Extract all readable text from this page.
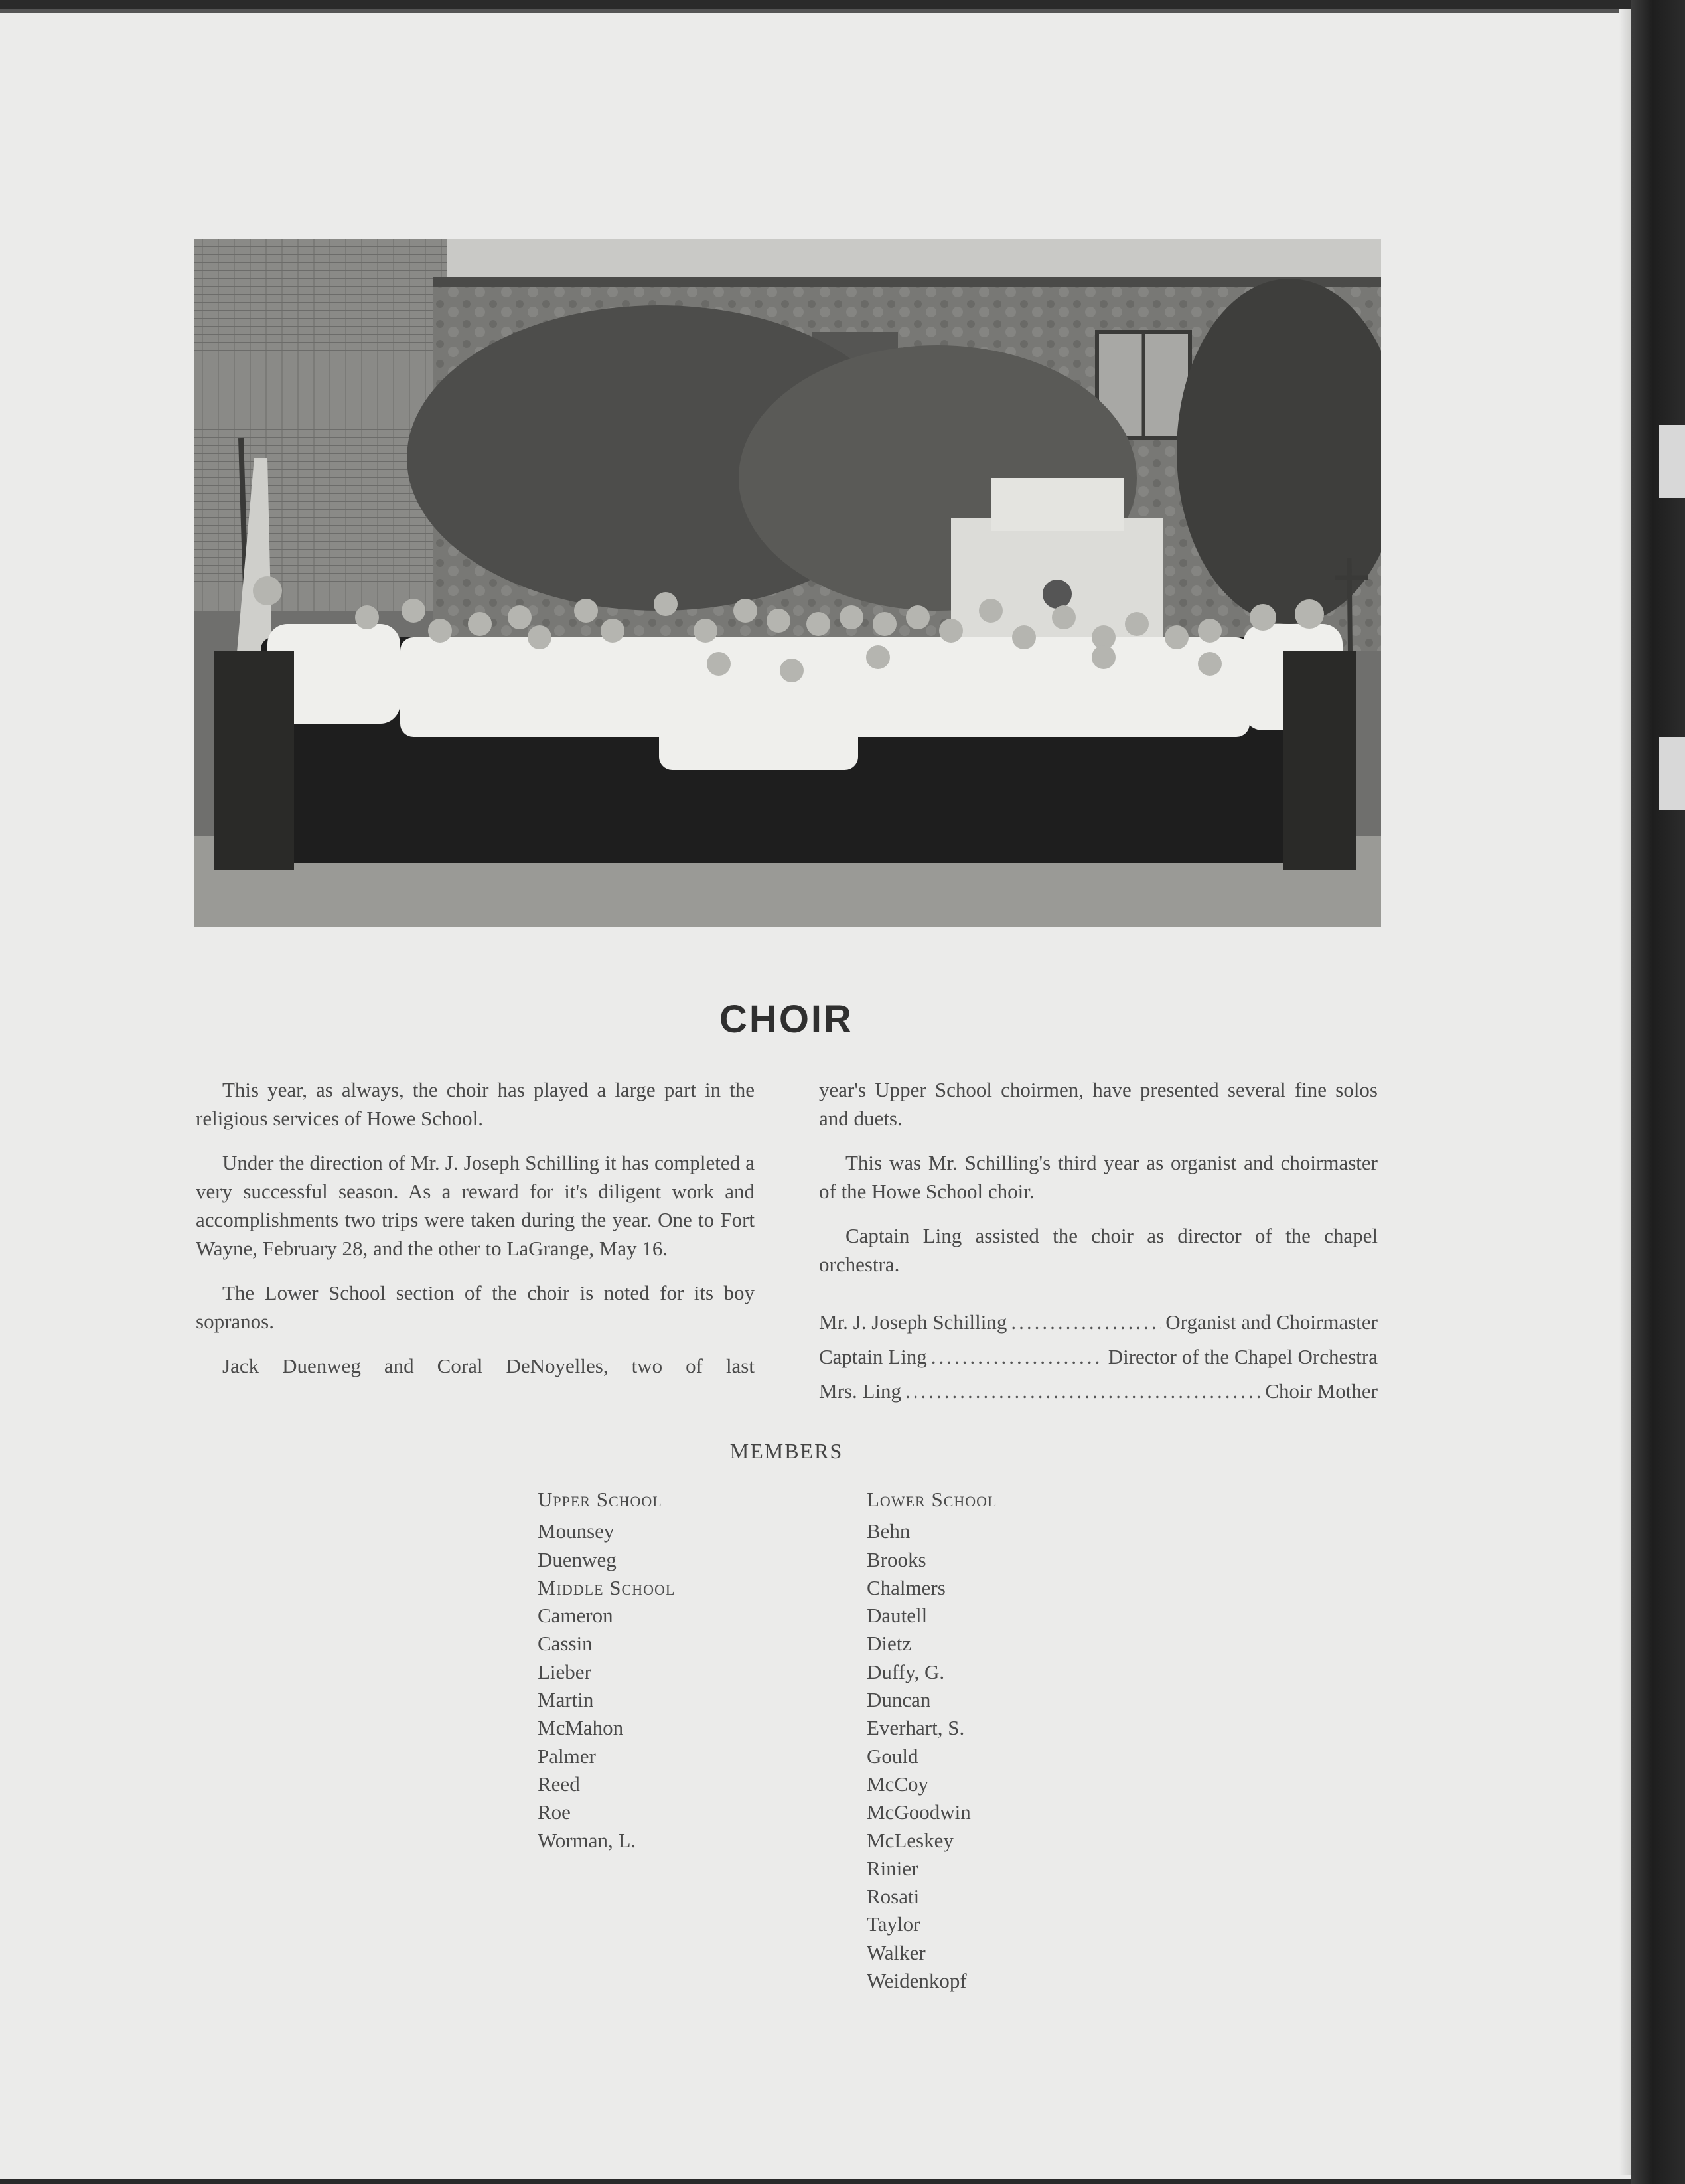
CHOIR

This year, as always, the choir has played a large part in the religious services of Howe School.

Under the direction of Mr. J. Joseph Schilling it has completed a very successful season. As a reward for it's diligent work and accomplishments two trips were taken during the year. One to Fort Wayne, February 28, and the other to LaGrange, May 16.

The Lower School section of the choir is noted for its boy sopranos.

Jack Duenweg and Coral DeNoyelles, two of last

year's Upper School choirmen, have presented several fine solos and duets.

This was Mr. Schilling's third year as organist and choirmaster of the Howe School choir.

Captain Ling assisted the choir as director of the chapel orchestra.

Mr. J. Joseph Schilling .....	Organist and Choirmaster
Captain Ling .....	Director of the Chapel Orchestra
Mrs. Ling .....	Choir Mother
MEMBERS
Upper School
Mounsey
Duenweg
Middle School
Cameron
Cassin
Lieber
Martin
McMahon
Palmer
Reed
Roe
Worman, L.
Lower School
Behn
Brooks
Chalmers
Dautell
Dietz
Duffy, G.
Duncan
Everhart, S.
Gould
McCoy
McGoodwin
McLeskey
Rinier
Rosati
Taylor
Walker
Weidenkopf
